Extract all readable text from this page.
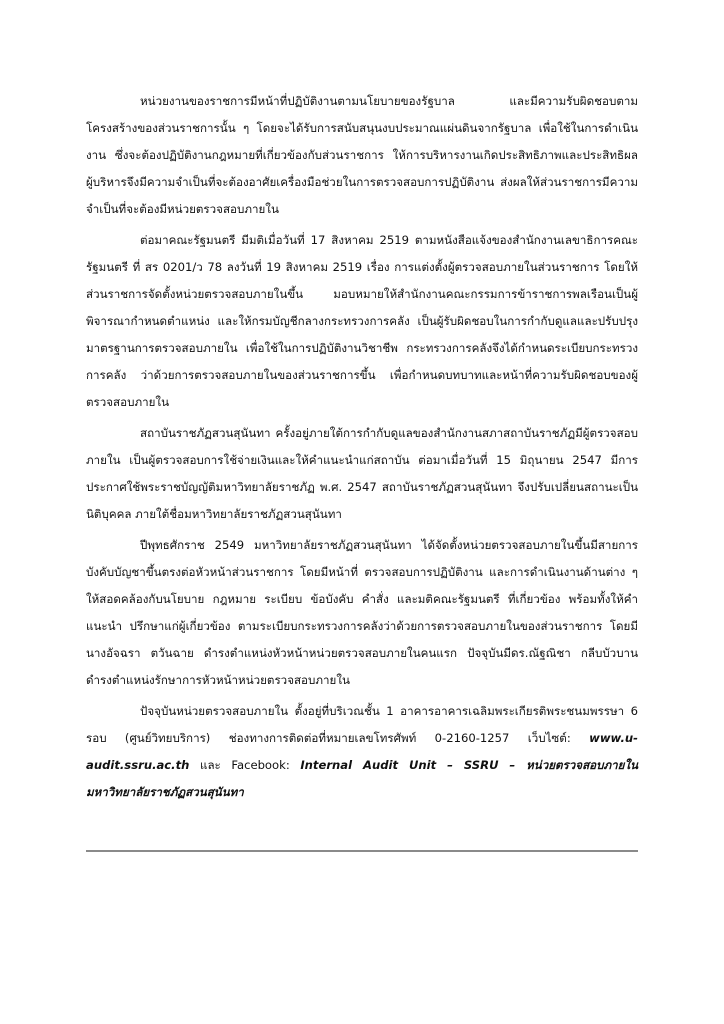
หน่วยงานของราชการมีหน้าที่ปฏิบัติงานตามนโยบายของรัฐบาล และมีความรับผิดชอบตามโครงสร้างของส่วนราชการนั้น ๆ โดยจะได้รับการสนับสนุนงบประมาณแผ่นดินจากรัฐบาล เพื่อใช้ในการดำเนินงาน ซึ่งจะต้องปฏิบัติงานกฎหมายที่เกี่ยวข้องกับส่วนราชการ ให้การบริหารงานเกิดประสิทธิภาพและประสิทธิผล ผู้บริหารจึงมีความจำเป็นที่จะต้องอาศัยเครื่องมือช่วยในการตรวจสอบการปฏิบัติงาน ส่งผลให้ส่วนราชการมีความจำเป็นที่จะต้องมีหน่วยตรวจสอบภายใน

ต่อมาคณะรัฐมนตรี มีมติเมื่อวันที่ 17 สิงหาคม 2519 ตามหนังสือแจ้งของสำนักงานเลขาธิการคณะรัฐมนตรี ที่ สร 0201/ว 78 ลงวันที่ 19 สิงหาคม 2519 เรื่อง การแต่งตั้งผู้ตรวจสอบภายในส่วนราชการ โดยให้ส่วนราชการจัดตั้งหน่วยตรวจสอบภายในขึ้น มอบหมายให้สำนักงานคณะกรรมการข้าราชการพลเรือนเป็นผู้พิจารณากำหนดตำแหน่ง และให้กรมบัญชีกลางกระทรวงการคลัง เป็นผู้รับผิดชอบในการกำกับดูแลและปรับปรุงมาตรฐานการตรวจสอบภายใน เพื่อใช้ในการปฏิบัติงานวิชาชีพ กระทรวงการคลังจึงได้กำหนดระเบียบกระทรวงการคลัง ว่าด้วยการตรวจสอบภายในของส่วนราชการขึ้น เพื่อกำหนดบทบาทและหน้าที่ความรับผิดชอบของผู้ตรวจสอบภายใน

สถาบันราชภัฏสวนสุนันทา ครั้งอยู่ภายใต้การกำกับดูแลของสำนักงานสภาสถาบันราชภัฏมีผู้ตรวจสอบภายใน เป็นผู้ตรวจสอบการใช้จ่ายเงินและให้คำแนะนำแก่สถาบัน ต่อมาเมื่อวันที่ 15 มิถุนายน 2547 มีการประกาศใช้พระราชบัญญัติมหาวิทยาลัยราชภัฏ พ.ศ. 2547 สถาบันราชภัฏสวนสุนันทา จึงปรับเปลี่ยนสถานะเป็นนิติบุคคล ภายใต้ชื่อมหาวิทยาลัยราชภัฏสวนสุนันทา

ปีพุทธศักราช 2549 มหาวิทยาลัยราชภัฏสวนสุนันทา ได้จัดตั้งหน่วยตรวจสอบภายในขึ้นมีสายการบังคับบัญชาขึ้นตรงต่อหัวหน้าส่วนราชการ โดยมีหน้าที่ ตรวจสอบการปฏิบัติงาน และการดำเนินงานด้านต่าง ๆ ให้สอดคล้องกับนโยบาย กฎหมาย ระเบียบ ข้อบังคับ คำสั่ง และมติคณะรัฐมนตรี ที่เกี่ยวข้อง พร้อมทั้งให้คำแนะนำ ปรึกษาแก่ผู้เกี่ยวข้อง ตามระเบียบกระทรวงการคลังว่าด้วยการตรวจสอบภายในของส่วนราชการ โดยมีนางอัจฉรา ตวันฉาย ดำรงตำแหน่งหัวหน้าหน่วยตรวจสอบภายในคนแรก ปัจจุบันมีดร.ณัฐณิชา กลีบบัวบาน ดำรงตำแหน่งรักษาการหัวหน้าหน่วยตรวจสอบภายใน

ปัจจุบันหน่วยตรวจสอบภายใน ตั้งอยู่ที่บริเวณชั้น 1 อาคารอาคารเฉลิมพระเกียรติพระชนมพรรษา 6 รอบ (ศูนย์วิทยบริการ) ช่องทางการติดต่อที่หมายเลขโทรศัพท์ 0-2160-1257 เว็บไซต์: www.u-audit.ssru.ac.th และ Facebook: Internal Audit Unit – SSRU – หน่วยตรวจสอบภายใน มหาวิทยาลัยราชภัฏสวนสุนันทา
